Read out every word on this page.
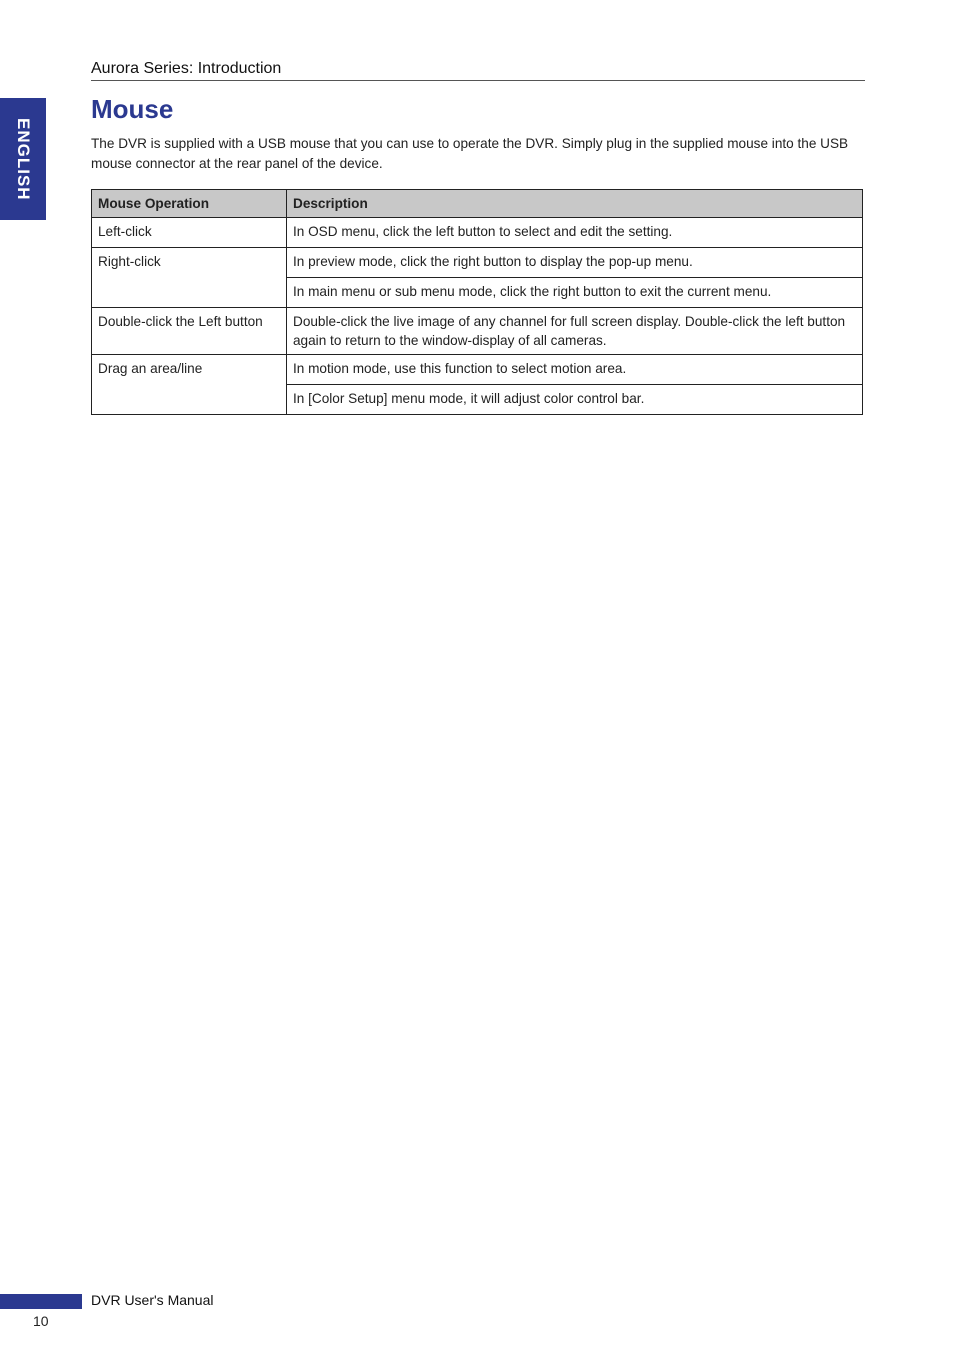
ENGLISH
Aurora Series: Introduction
Mouse

The DVR is supplied with a USB mouse that you can use to operate the DVR. Simply plug in the supplied mouse into the USB mouse connector at the rear panel of the device.

Mouse Operation	Description
Left-click	In OSD menu, click the left button to select and edit the setting.
Right-click	In preview mode, click the right button to display the pop-up menu.
	In main menu or sub menu mode, click the right button to exit the current menu.
Double-click the Left button	Double-click the live image of any channel for full screen display. Double-click the left button again to return to the window-display of all cameras.
Drag an area/line	In motion mode, use this function to select motion area.
	In [Color Setup] menu mode, it will adjust color control bar.
DVR User's Manual
10
